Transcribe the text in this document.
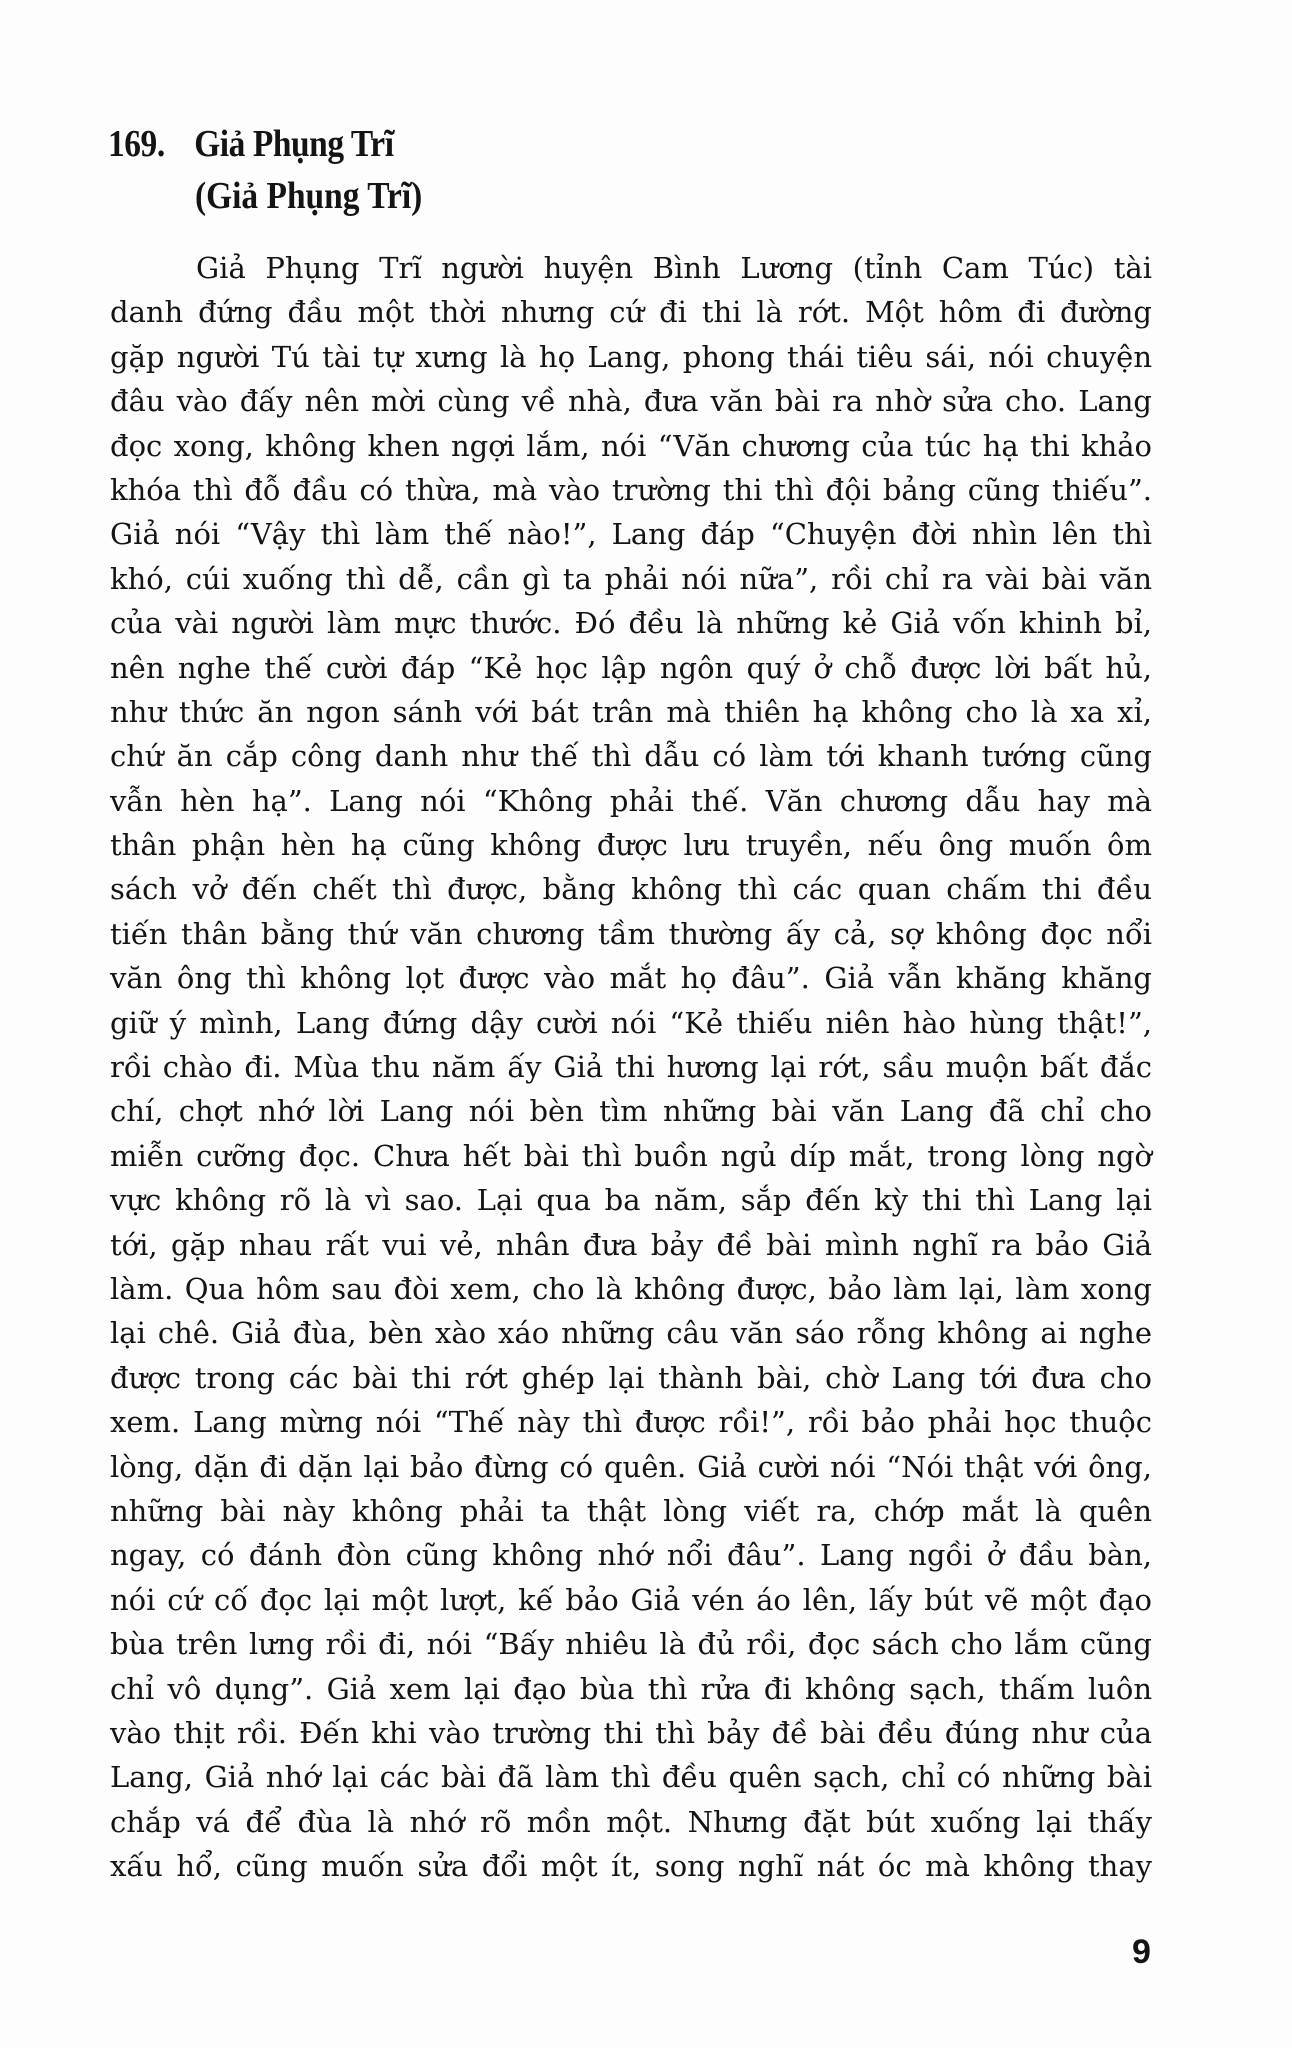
169. Giả Phụng Trĩ
(Giả Phụng Trĩ)
Giả Phụng Trĩ người huyện Bình Lương (tỉnh Cam Túc) tài
danh đứng đầu một thời nhưng cứ đi thi là rớt. Một hôm đi đường
gặp người Tú tài tự xưng là họ Lang, phong thái tiêu sái, nói chuyện
đâu vào đấy nên mời cùng về nhà, đưa văn bài ra nhờ sửa cho. Lang
đọc xong, không khen ngợi lắm, nói “Văn chương của túc hạ thi khảo
khóa thì đỗ đầu có thừa, mà vào trường thi thì đội bảng cũng thiếu”.
Giả nói “Vậy thì làm thế nào!”, Lang đáp “Chuyện đời nhìn lên thì
khó, cúi xuống thì dễ, cần gì ta phải nói nữa”, rồi chỉ ra vài bài văn
của vài người làm mực thước. Đó đều là những kẻ Giả vốn khinh bỉ,
nên nghe thế cười đáp “Kẻ học lập ngôn quý ở chỗ được lời bất hủ,
như thức ăn ngon sánh với bát trân mà thiên hạ không cho là xa xỉ,
chứ ăn cắp công danh như thế thì dẫu có làm tới khanh tướng cũng
vẫn hèn hạ”. Lang nói “Không phải thế. Văn chương dẫu hay mà
thân phận hèn hạ cũng không được lưu truyền, nếu ông muốn ôm
sách vở đến chết thì được, bằng không thì các quan chấm thi đều
tiến thân bằng thứ văn chương tầm thường ấy cả, sợ không đọc nổi
văn ông thì không lọt được vào mắt họ đâu”. Giả vẫn khăng khăng
giữ ý mình, Lang đứng dậy cười nói “Kẻ thiếu niên hào hùng thật!”,
rồi chào đi. Mùa thu năm ấy Giả thi hương lại rớt, sầu muộn bất đắc
chí, chợt nhớ lời Lang nói bèn tìm những bài văn Lang đã chỉ cho
miễn cưỡng đọc. Chưa hết bài thì buồn ngủ díp mắt, trong lòng ngờ
vực không rõ là vì sao. Lại qua ba năm, sắp đến kỳ thi thì Lang lại
tới, gặp nhau rất vui vẻ, nhân đưa bảy đề bài mình nghĩ ra bảo Giả
làm. Qua hôm sau đòi xem, cho là không được, bảo làm lại, làm xong
lại chê. Giả đùa, bèn xào xáo những câu văn sáo rỗng không ai nghe
được trong các bài thi rớt ghép lại thành bài, chờ Lang tới đưa cho
xem. Lang mừng nói “Thế này thì được rồi!”, rồi bảo phải học thuộc
lòng, dặn đi dặn lại bảo đừng có quên. Giả cười nói “Nói thật với ông,
những bài này không phải ta thật lòng viết ra, chớp mắt là quên
ngay, có đánh đòn cũng không nhớ nổi đâu”. Lang ngồi ở đầu bàn,
nói cứ cố đọc lại một lượt, kế bảo Giả vén áo lên, lấy bút vẽ một đạo
bùa trên lưng rồi đi, nói “Bấy nhiêu là đủ rồi, đọc sách cho lắm cũng
chỉ vô dụng”. Giả xem lại đạo bùa thì rửa đi không sạch, thấm luôn
vào thịt rồi. Đến khi vào trường thi thì bảy đề bài đều đúng như của
Lang, Giả nhớ lại các bài đã làm thì đều quên sạch, chỉ có những bài
chắp vá để đùa là nhớ rõ mồn một. Nhưng đặt bút xuống lại thấy
xấu hổ, cũng muốn sửa đổi một ít, song nghĩ nát óc mà không thay
9
